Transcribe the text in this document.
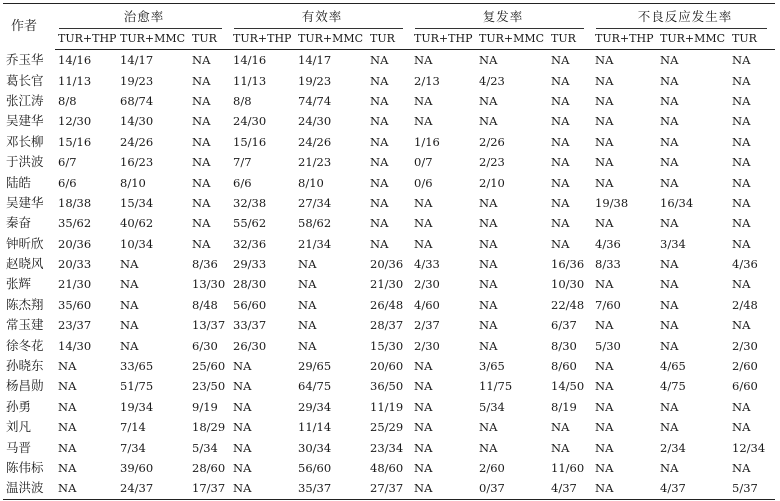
作者	治愈率			有效率			复发率			不良反应发生率		
	TUR+THP	TUR+MMC	TUR	TUR+THP	TUR+MMC	TUR	TUR+THP	TUR+MMC	TUR	TUR+THP	TUR+MMC	TUR
乔玉华	14/16	14/17	NA	14/16	14/17	NA	NA	NA	NA	NA	NA	NA
葛长官	11/13	19/23	NA	11/13	19/23	NA	2/13	4/23	NA	NA	NA	NA
张江涛	8/8	68/74	NA	8/8	74/74	NA	NA	NA	NA	NA	NA	NA
吴建华	12/30	14/30	NA	24/30	24/30	NA	NA	NA	NA	NA	NA	NA
邓长柳	15/16	24/26	NA	15/16	24/26	NA	1/16	2/26	NA	NA	NA	NA
于洪波	6/7	16/23	NA	7/7	21/23	NA	0/7	2/23	NA	NA	NA	NA
陆皓	6/6	8/10	NA	6/6	8/10	NA	0/6	2/10	NA	NA	NA	NA
吴建华	18/38	15/34	NA	32/38	27/34	NA	NA	NA	NA	19/38	16/34	NA
秦奋	35/62	40/62	NA	55/62	58/62	NA	NA	NA	NA	NA	NA	NA
钟昕欣	20/36	10/34	NA	32/36	21/34	NA	NA	NA	NA	4/36	3/34	NA
赵晓风	20/33	NA	8/36	29/33	NA	20/36	4/33	NA	16/36	8/33	NA	4/36
张辉	21/30	NA	13/30	28/30	NA	21/30	2/30	NA	10/30	NA	NA	NA
陈杰翔	35/60	NA	8/48	56/60	NA	26/48	4/60	NA	22/48	7/60	NA	2/48
常玉建	23/37	NA	13/37	33/37	NA	28/37	2/37	NA	6/37	NA	NA	NA
徐冬花	14/30	NA	6/30	26/30	NA	15/30	2/30	NA	8/30	5/30	NA	2/30
孙晓东	NA	33/65	25/60	NA	29/65	20/60	NA	3/65	8/60	NA	4/65	2/60
杨昌勋	NA	51/75	23/50	NA	64/75	36/50	NA	11/75	14/50	NA	4/75	6/60
孙勇	NA	19/34	9/19	NA	29/34	11/19	NA	5/34	8/19	NA	NA	NA
刘凡	NA	7/14	18/29	NA	11/14	25/29	NA	NA	NA	NA	NA	NA
马晋	NA	7/34	5/34	NA	30/34	23/34	NA	NA	NA	NA	2/34	12/34
陈伟标	NA	39/60	28/60	NA	56/60	48/60	NA	2/60	11/60	NA	NA	NA
温洪波	NA	24/37	17/37	NA	35/37	27/37	NA	0/37	4/37	NA	4/37	5/37
